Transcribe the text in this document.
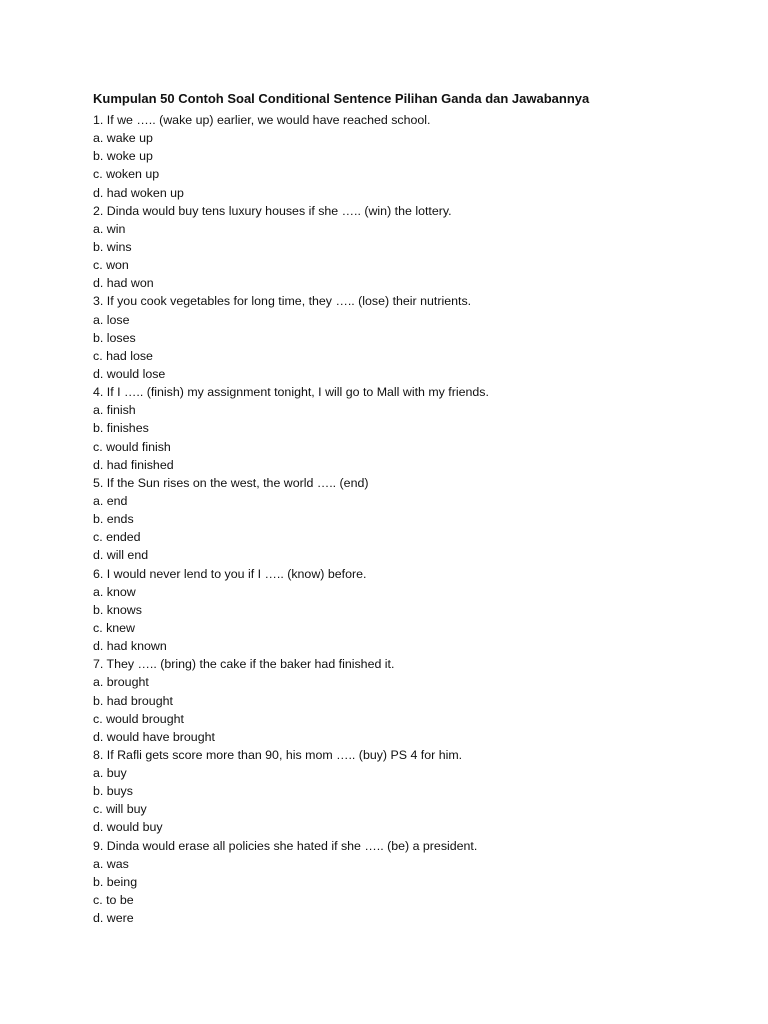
Kumpulan 50 Contoh Soal Conditional Sentence Pilihan Ganda dan Jawabannya
1. If we ….. (wake up) earlier, we would have reached school.
a. wake up
b. woke up
c. woken up
d. had woken up
2. Dinda would buy tens luxury houses if she ….. (win) the lottery.
a. win
b. wins
c. won
d. had won
3. If you cook vegetables for long time, they ….. (lose) their nutrients.
a. lose
b. loses
c. had lose
d. would lose
4. If I ….. (finish) my assignment tonight, I will go to Mall with my friends.
a. finish
b. finishes
c. would finish
d. had finished
5. If the Sun rises on the west, the world ….. (end)
a. end
b. ends
c. ended
d. will end
6. I would never lend to you if I ….. (know) before.
a. know
b. knows
c. knew
d. had known
7. They ….. (bring) the cake if the baker had finished it.
a. brought
b. had brought
c. would brought
d. would have brought
8. If Rafli gets score more than 90, his mom ….. (buy) PS 4 for him.
a. buy
b. buys
c. will buy
d. would buy
9. Dinda would erase all policies she hated if she ….. (be) a president.
a. was
b. being
c. to be
d. were
